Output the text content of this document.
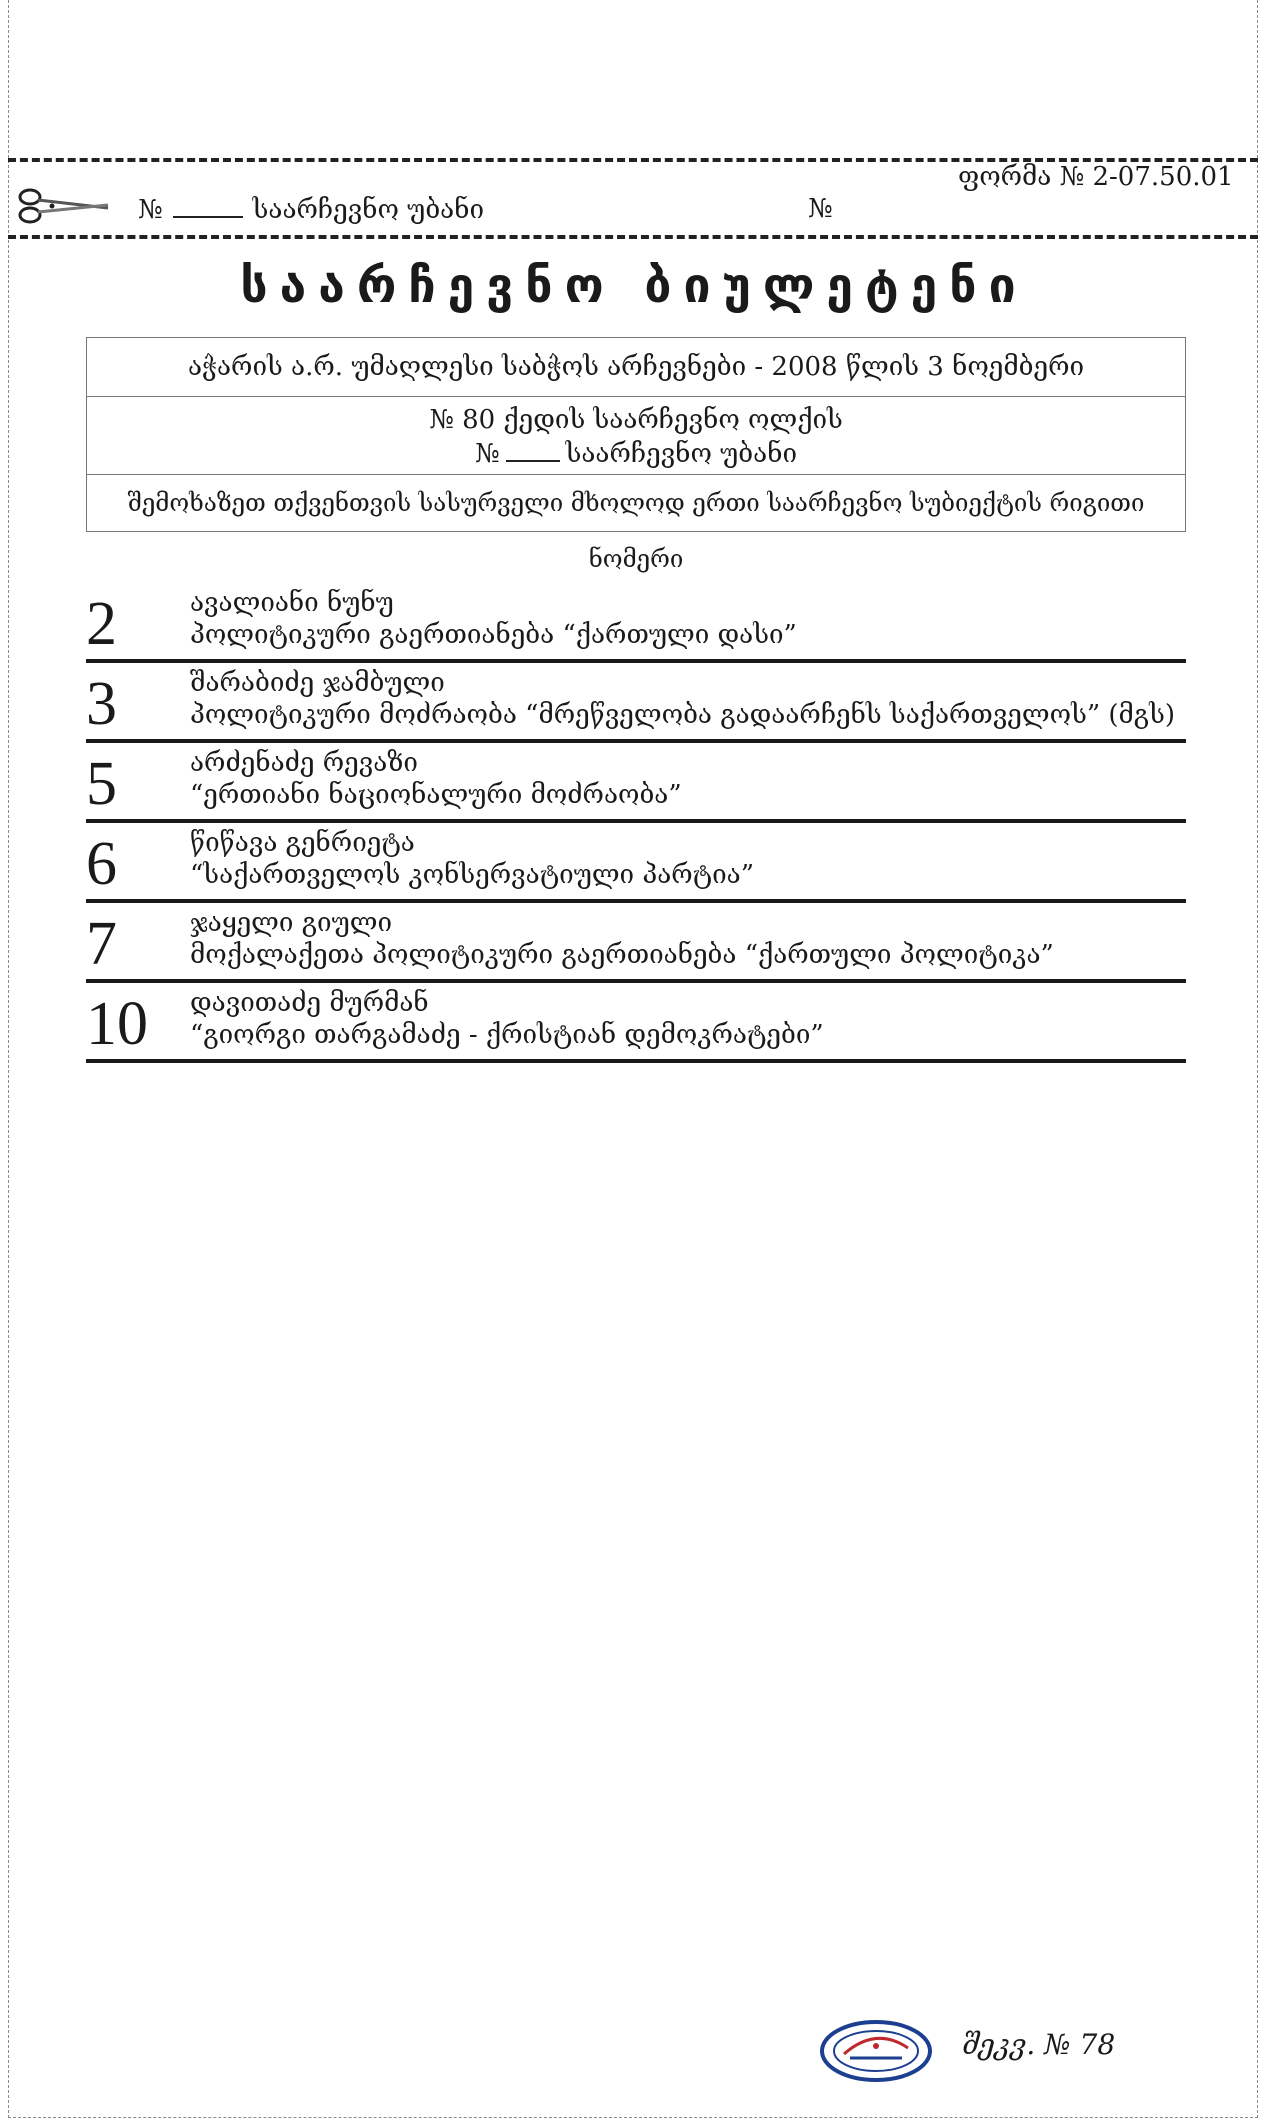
№	საარჩევნო უბანი	№
ფორმა № 2-07.50.01
საარჩევნო ბიულეტენი
აჭარის ა.რ. უმაღლესი საბჭოს არჩევნები - 2008 წლის 3 ნოემბერი
№ 80 ქედის საარჩევნო ოლქის
№	საარჩევნო უბანი
შემოხაზეთ თქვენთვის სასურველი მხოლოდ ერთი საარჩევნო სუბიექტის რიგითი ნომერი
2	ავალიანი ნუნუ
პოლიტიკური გაერთიანება “ქართული დასი”
3	შარაბიძე ჯამბული
პოლიტიკური მოძრაობა “მრეწველობა გადაარჩენს საქართველოს” (მგს)
5	არძენაძე რევაზი
“ერთიანი ნაციონალური მოძრაობა”
6	წიწავა გენრიეტა
“საქართველოს კონსერვატიული პარტია”
7	ჯაყელი გიული
მოქალაქეთა პოლიტიკური გაერთიანება “ქართული პოლიტიკა”
10 დავითაძე მურმან
“გიორგი თარგამაძე - ქრისტიან დემოკრატები”
შეკვ. № 78
